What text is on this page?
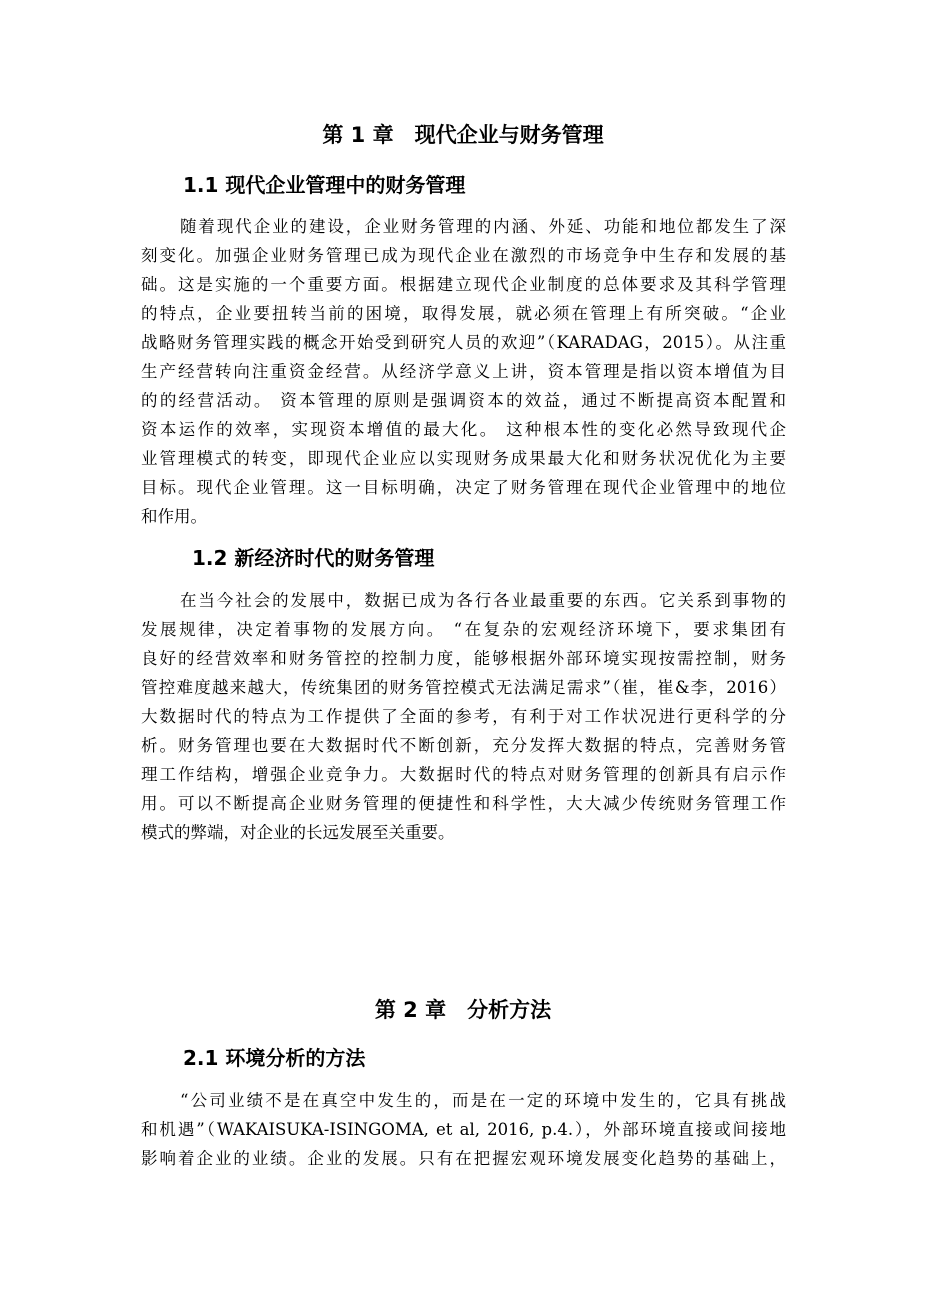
第 1 章　现代企业与财务管理
1.1 现代企业管理中的财务管理

随着现代企业的建设，企业财务管理的内涵、外延、功能和地位都发生了深

刻变化。加强企业财务管理已成为现代企业在激烈的市场竞争中生存和发展的基

础。这是实施的一个重要方面。根据建立现代企业制度的总体要求及其科学管理

的特点，企业要扭转当前的困境，取得发展，就必须在管理上有所突破。“企业

战略财务管理实践的概念开始受到研究人员的欢迎”（KARADAG，2015）。从注重

生产经营转向注重资金经营。从经济学意义上讲，资本管理是指以资本增值为目

的的经营活动。 资本管理的原则是强调资本的效益，通过不断提高资本配置和

资本运作的效率，实现资本增值的最大化。 这种根本性的变化必然导致现代企

业管理模式的转变，即现代企业应以实现财务成果最大化和财务状况优化为主要

目标。现代企业管理。这一目标明确，决定了财务管理在现代企业管理中的地位

和作用。

1.2 新经济时代的财务管理

在当今社会的发展中，数据已成为各行各业最重要的东西。它关系到事物的

发展规律，决定着事物的发展方向。 “在复杂的宏观经济环境下，要求集团有

良好的经营效率和财务管控的控制力度，能够根据外部环境实现按需控制，财务

管控难度越来越大，传统集团的财务管控模式无法满足需求”（崔，崔&李，2016）

大数据时代的特点为工作提供了全面的参考，有利于对工作状况进行更科学的分

析。财务管理也要在大数据时代不断创新，充分发挥大数据的特点，完善财务管

理工作结构，增强企业竞争力。大数据时代的特点对财务管理的创新具有启示作

用。可以不断提高企业财务管理的便捷性和科学性，大大减少传统财务管理工作

模式的弊端，对企业的长远发展至关重要。

第 2 章　分析方法
2.1 环境分析的方法

“公司业绩不是在真空中发生的，而是在一定的环境中发生的，它具有挑战

和机遇”（WAKAISUKA-ISINGOMA, et al, 2016, p.4.），外部环境直接或间接地

影响着企业的业绩。企业的发展。只有在把握宏观环境发展变化趋势的基础上，
